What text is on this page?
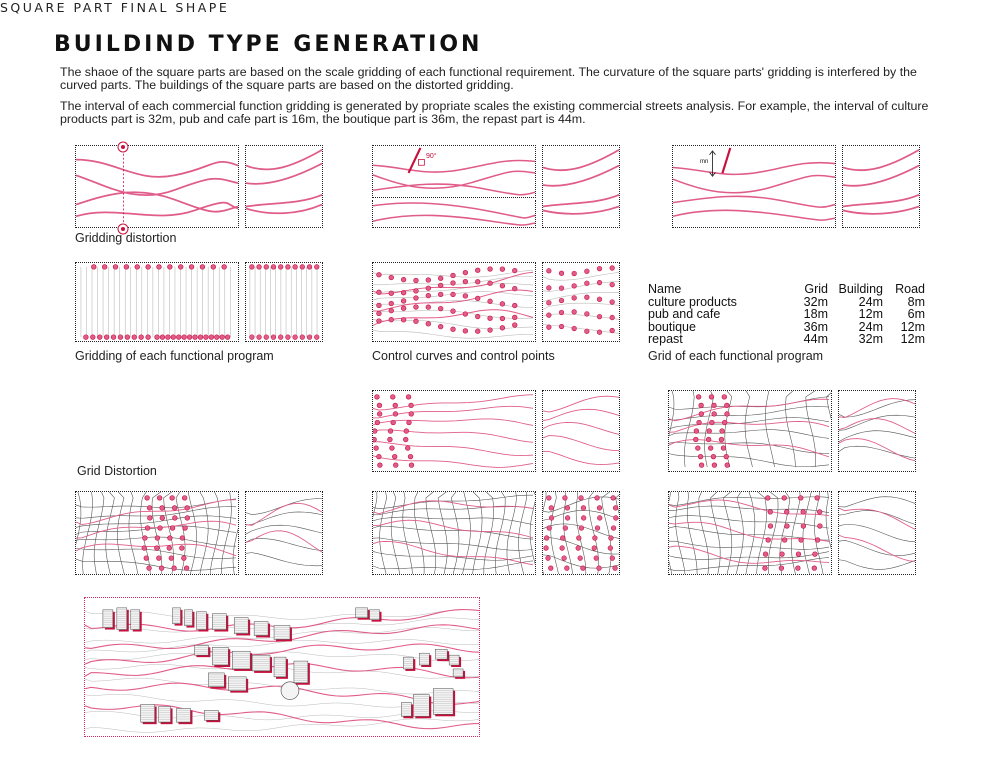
BUILDIND TYPE GENERATION
The shaoe of the square parts are based on the scale gridding of each functional requirement. The curvature of the square parts' gridding is interfered by the curved parts. The buildings of the square parts are based on the distorted gridding.
The interval of each commercial function gridding is generated by propriate scales the existing commercial streets analysis. For example, the interval of culture products part is 32m, pub and cafe part is 16m, the boutique part is 36m, the repast part is 44m.
Gridding distortion
90°
mn
Gridding of each functional program	Control curves and control points
Name	Grid	Building	Road
culture products	32m	24m	8m
pub and cafe	18m	12m	6m
boutique	36m	24m	12m
repast	44m	32m	12m
Grid of each functional program
Grid Distortion
SQUARE PART FINAL SHAPE
